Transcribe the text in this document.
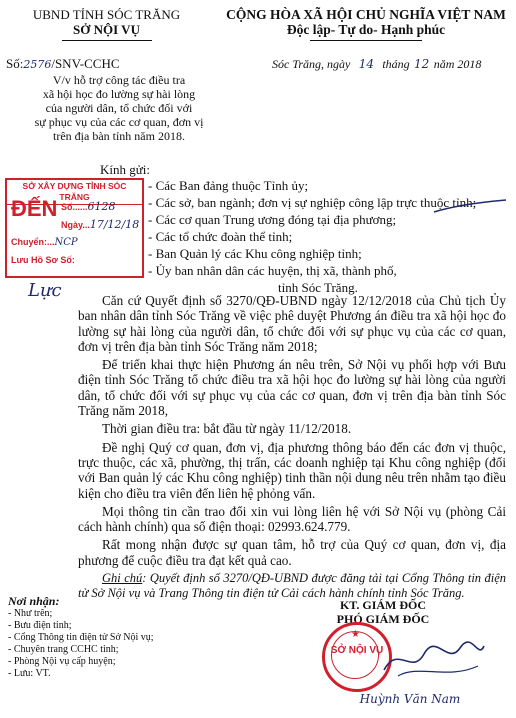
UBND TỈNH SÓC TRĂNG
SỞ NỘI VỤ
Số:2576/SNV-CCHC
V/v hỗ trợ công tác điều tra
xã hội học đo lường sự hài lòng
của người dân, tổ chức đối với
sự phục vụ của các cơ quan, đơn vị
trên địa bàn tỉnh năm 2018.
CỘNG HÒA XÃ HỘI CHỦ NGHĨA VIỆT NAM
Độc lập- Tự do- Hạnh phúc
Sóc Trăng, ngày 14 tháng 12 năm 2018
Kính gửi:
- Các Ban đảng thuộc Tỉnh ủy;
- Các sở, ban ngành; đơn vị sự nghiệp công lập trực thuộc tỉnh;
- Các cơ quan Trung ương đóng tại địa phương;
- Các tổ chức đoàn thể tỉnh;
- Ban Quản lý các Khu công nghiệp tỉnh;
- Ủy ban nhân dân các huyện, thị xã, thành phố,
tỉnh Sóc Trăng.
SỞ XÂY DỰNG TỈNH SÓC TRĂNG
ĐẾN Số......6128
Ngày...17/12/18
Chuyển:...NCP
Lưu Hồ Sơ Số:
Lực	Căn cứ Quyết định số 3270/QĐ-UBND ngày 12/12/2018 của Chủ tịch Ủy ban nhân dân tỉnh Sóc Trăng về việc phê duyệt Phương án điều tra xã hội học đo lường sự hài lòng của người dân, tổ chức đối với sự phục vụ của các cơ quan, đơn vị trên địa bàn tỉnh Sóc Trăng năm 2018;
Để triển khai thực hiện Phương án nêu trên, Sở Nội vụ phối hợp với Bưu điện tỉnh Sóc Trăng tổ chức điều tra xã hội học đo lường sự hài lòng của người dân, tổ chức đối với sự phục vụ của các cơ quan, đơn vị trên địa bàn tỉnh Sóc Trăng năm 2018,
Thời gian điều tra: bắt đầu từ ngày 11/12/2018.
Đề nghị Quý cơ quan, đơn vị, địa phương thông báo đến các đơn vị thuộc, trực thuộc, các xã, phường, thị trấn, các doanh nghiệp tại Khu công nghiệp (đối với Ban quản lý các Khu công nghiệp) tinh thần nội dung nêu trên nhằm tạo điều kiện cho điều tra viên đến liên hệ phỏng vấn.
Mọi thông tin cần trao đổi xin vui lòng liên hệ với Sở Nội vụ (phòng Cải cách hành chính) qua số điện thoại: 02993.624.779.
Rất mong nhận được sự quan tâm, hỗ trợ của Quý cơ quan, đơn vị, địa phương để cuộc điều tra đạt kết quả cao.
Ghi chú: Quyết định số 3270/QĐ-UBND được đăng tải tại Cổng Thông tin điện tử Sở Nội vụ và Trang Thông tin điện tử Cải cách hành chính tỉnh Sóc Trăng.
Nơi nhận:
- Như trên;
- Bưu điện tỉnh;
- Cổng Thông tin điện tử Sở Nội vụ;
- Chuyên trang CCHC tỉnh;
- Phòng Nội vụ cấp huyện;
- Lưu: VT.
KT. GIÁM ĐỐC
PHÓ GIÁM ĐỐC
SỞ NỘI VỤ
★
Huỳnh Văn Nam
